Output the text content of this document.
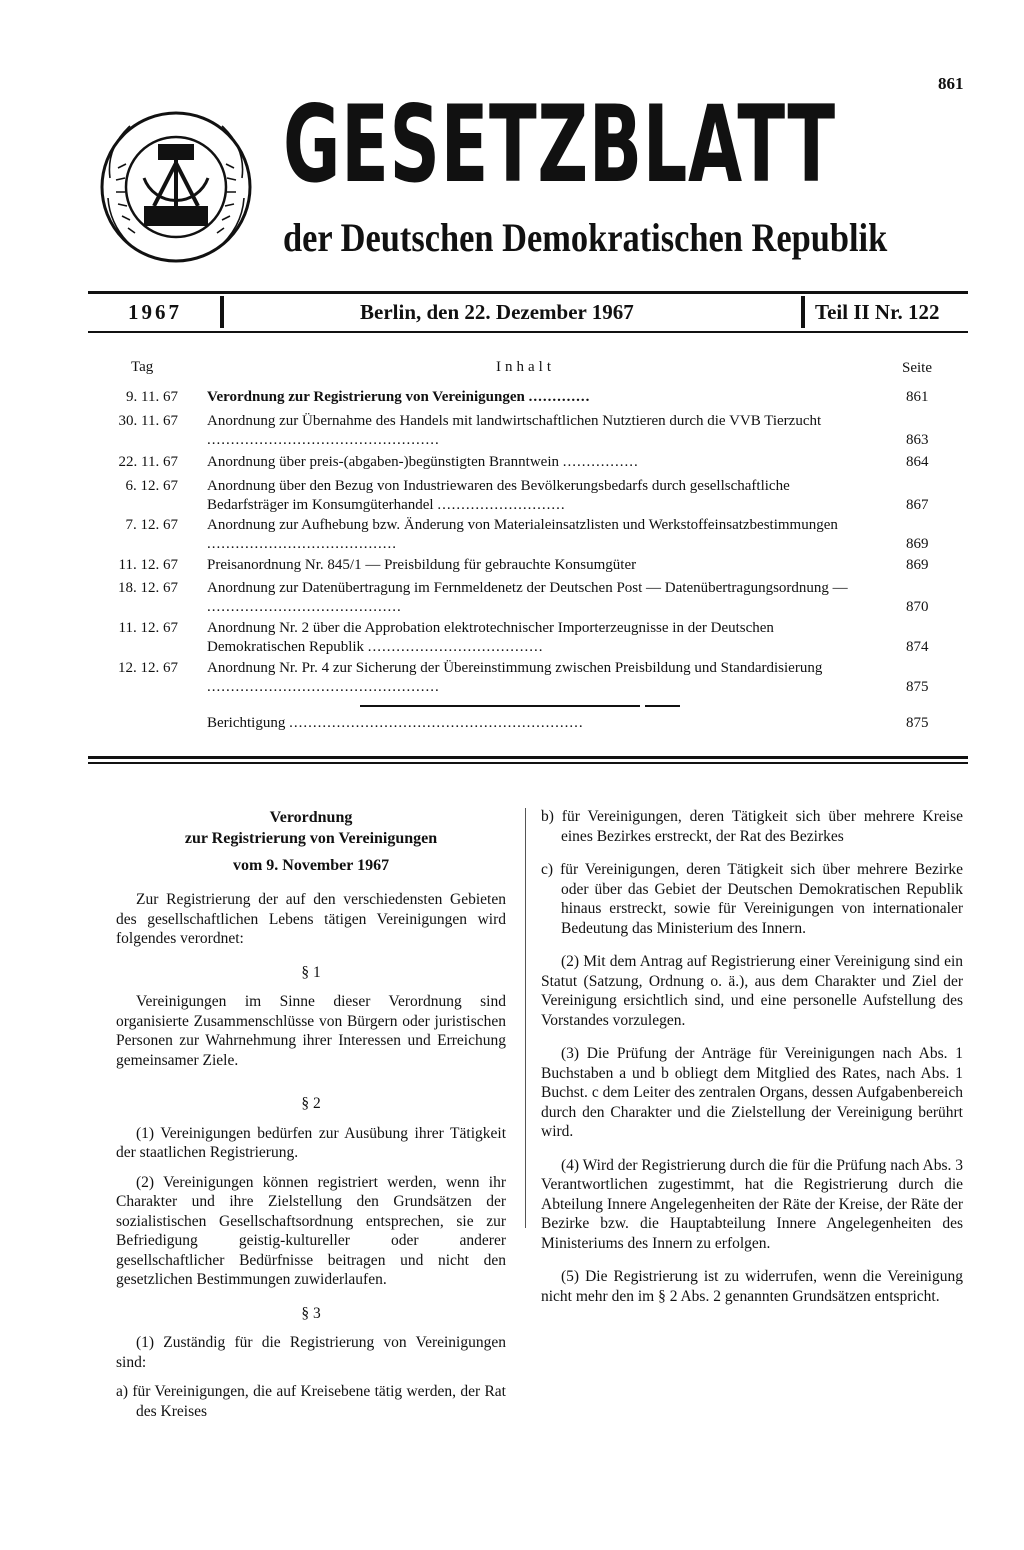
861
GESETZBLATT
der Deutschen Demokratischen Republik
1967	Berlin, den 22. Dezember 1967	Teil II Nr. 122
Tag	Inhalt	Seite
9. 11. 67 Verordnung zur Registrierung von Vereinigungen .............	861
30. 11. 67 Anordnung zur Übernahme des Handels mit landwirtschaftlichen Nutztieren durch die VVB Tierzucht .................................................	863
22. 11. 67 Anordnung über preis-(abgaben-)begünstigten Branntwein ................	864
6. 12. 67 Anordnung über den Bezug von Industriewaren des Bevölkerungsbedarfs durch gesellschaftliche Bedarfsträger im Konsumgüterhandel ...........................	867
7. 12. 67 Anordnung zur Aufhebung bzw. Änderung von Materialeinsatzlisten und Werkstoffeinsatzbestimmungen ........................................	869
11. 12. 67 Preisanordnung Nr. 845/1 — Preisbildung für gebrauchte Konsumgüter	869
18. 12. 67 Anordnung zur Datenübertragung im Fernmeldenetz der Deutschen Post — Datenübertragungsordnung — .........................................	870
11. 12. 67 Anordnung Nr. 2 über die Approbation elektrotechnischer Importerzeugnisse in der Deutschen Demokratischen Republik .....................................	874
12. 12. 67 Anordnung Nr. Pr. 4 zur Sicherung der Übereinstimmung zwischen Preisbildung und Standardisierung .................................................	875
Berichtigung ..............................................................	875
Verordnung
zur Registrierung von Vereinigungen
vom 9. November 1967

Zur Registrierung der auf den verschiedensten Gebieten des gesellschaftlichen Lebens tätigen Vereinigungen wird folgendes verordnet:

§ 1

Vereinigungen im Sinne dieser Verordnung sind organisierte Zusammenschlüsse von Bürgern oder juristischen Personen zur Wahrnehmung ihrer Interessen und Erreichung gemeinsamer Ziele.

§ 2

(1) Vereinigungen bedürfen zur Ausübung ihrer Tätigkeit der staatlichen Registrierung.

(2) Vereinigungen können registriert werden, wenn ihr Charakter und ihre Zielstellung den Grundsätzen der sozialistischen Gesellschaftsordnung entsprechen, sie zur Befriedigung geistig-kultureller oder anderer gesellschaftlicher Bedürfnisse beitragen und nicht den gesetzlichen Bestimmungen zuwiderlaufen.

§ 3

(1) Zuständig für die Registrierung von Vereinigungen sind:

a) für Vereinigungen, die auf Kreisebene tätig werden, der Rat des Kreises

b) für Vereinigungen, deren Tätigkeit sich über mehrere Kreise eines Bezirkes erstreckt, der Rat des Bezirkes

c) für Vereinigungen, deren Tätigkeit sich über mehrere Bezirke oder über das Gebiet der Deutschen Demokratischen Republik hinaus erstreckt, sowie für Vereinigungen von internationaler Bedeutung das Ministerium des Innern.

(2) Mit dem Antrag auf Registrierung einer Vereinigung sind ein Statut (Satzung, Ordnung o. ä.), aus dem Charakter und Ziel der Vereinigung ersichtlich sind, und eine personelle Aufstellung des Vorstandes vorzulegen.

(3) Die Prüfung der Anträge für Vereinigungen nach Abs. 1 Buchstaben a und b obliegt dem Mitglied des Rates, nach Abs. 1 Buchst. c dem Leiter des zentralen Organs, dessen Aufgabenbereich durch den Charakter und die Zielstellung der Vereinigung berührt wird.

(4) Wird der Registrierung durch die für die Prüfung nach Abs. 3 Verantwortlichen zugestimmt, hat die Registrierung durch die Abteilung Innere Angelegenheiten der Räte der Kreise, der Räte der Bezirke bzw. die Hauptabteilung Innere Angelegenheiten des Ministeriums des Innern zu erfolgen.

(5) Die Registrierung ist zu widerrufen, wenn die Vereinigung nicht mehr den im § 2 Abs. 2 genannten Grundsätzen entspricht.
